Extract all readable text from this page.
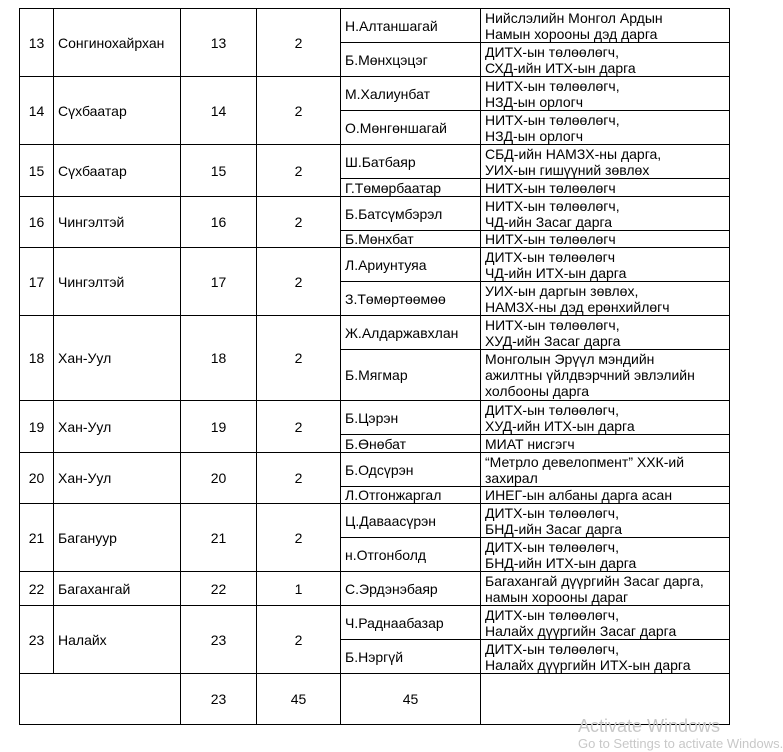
13	Сонгинохайрхан	13	2	Н.Алтаншагай	Нийслэлийн Монгол Ардын
Намын хорооны дэд дарга

				Б.Мөнхцэцэг	ДИТХ-ын төлөөлөгч,
СХД-ийн ИТХ-ын дарга

14	Сүхбаатар	14	2	М.Халиунбат	НИТХ-ын төлөөлөгч,
НЗД-ын орлогч

				О.Мөнгөншагай	НИТХ-ын төлөөлөгч,
НЗД-ын орлогч

15	Сүхбаатар	15	2	Ш.Батбаяр	СБД-ийн НАМЗХ-ны дарга,
УИХ-ын гишүүний зөвлөх

				Г.Төмөрбаатар	НИТХ-ын төлөөлөгч

16	Чингэлтэй	16	2	Б.Батсүмбэрэл	НИТХ-ын төлөөлөгч,
ЧД-ийн Засаг дарга

				Б.Мөнхбат	НИТХ-ын төлөөлөгч

17	Чингэлтэй	17	2	Л.Ариунтуяа	ДИТХ-ын төлөөлөгч
ЧД-ийн ИТХ-ын дарга

				З.Төмөртөөмөө	УИХ-ын даргын зөвлөх,
НАМЗХ-ны дэд ерөнхийлөгч

18	Хан-Уул	18	2	Ж.Алдаржавхлан	НИТХ-ын төлөөлөгч,
ХУД-ийн Засаг дарга

				Б.Мягмар	Монголын Эрүүл мэндийн
ажилтны үйлдвэрчний эвлэлийн
холбооны дарга

19	Хан-Уул	19	2	Б.Цэрэн	ДИТХ-ын төлөөлөгч,
ХУД-ийн ИТХ-ын дарга

				Б.Өнөбат	МИАТ нисгэгч

20	Хан-Уул	20	2	Б.Одсүрэн	“Метрло девелопмент” ХХК-ий
захирал

				Л.Отгонжаргал	ИНЕГ-ын албаны дарга асан

21	Багануур	21	2	Ц.Даваасүрэн	ДИТХ-ын төлөөлөгч,
БНД-ийн Засаг дарга

				н.Отгонболд	ДИТХ-ын төлөөлөгч,
БНД-ийн ИТХ-ын дарга

22	Багахангай	22	1	С.Эрдэнэбаяр	Багахангай дүүргийн Засаг дарга,
намын хорооны дараг

23	Налайх	23	2	Ч.Раднаабазар	ДИТХ-ын төлөөлөгч,
Налайх дүүргийн Засаг дарга

				Б.Нэргүй	ДИТХ-ын төлөөлөгч,
Налайх дүүргийн ИТХ-ын дарга

		23	45	45	
Activate Windows
Go to Settings to activate Windows.
